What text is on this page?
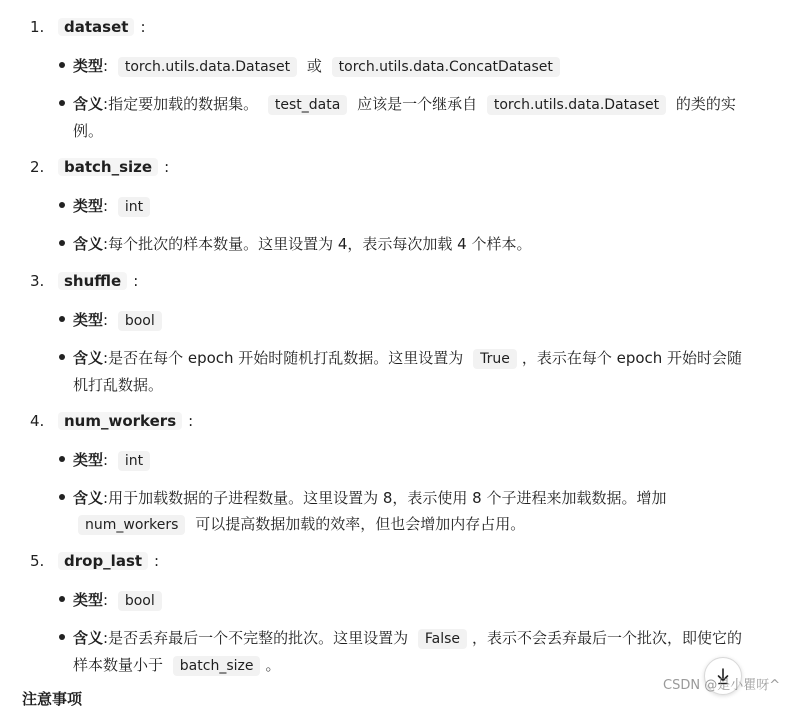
1. dataset :
类型: torch.utils.data.Dataset 或 torch.utils.data.ConcatDataset
含义:指定要加载的数据集。 test_data 应该是一个继承自 torch.utils.data.Dataset 的类的实例。
2. batch_size :
类型: int
含义:每个批次的样本数量。这里设置为 4，表示每次加载 4 个样本。
3. shuffle :
类型: bool
含义:是否在每个 epoch 开始时随机打乱数据。这里设置为 True ，表示在每个 epoch 开始时会随机打乱数据。
4. num_workers :
类型: int
含义:用于加载数据的子进程数量。这里设置为 8，表示使用 8 个子进程来加载数据。增加 num_workers 可以提高数据加载的效率，但也会增加内存占用。
5. drop_last :
类型: bool
含义:是否丢弃最后一个不完整的批次。这里设置为 False ，表示不会丢弃最后一个批次，即使它的样本数量小于 batch_size 。
注意事项
CSDN @是小瞿呀^
